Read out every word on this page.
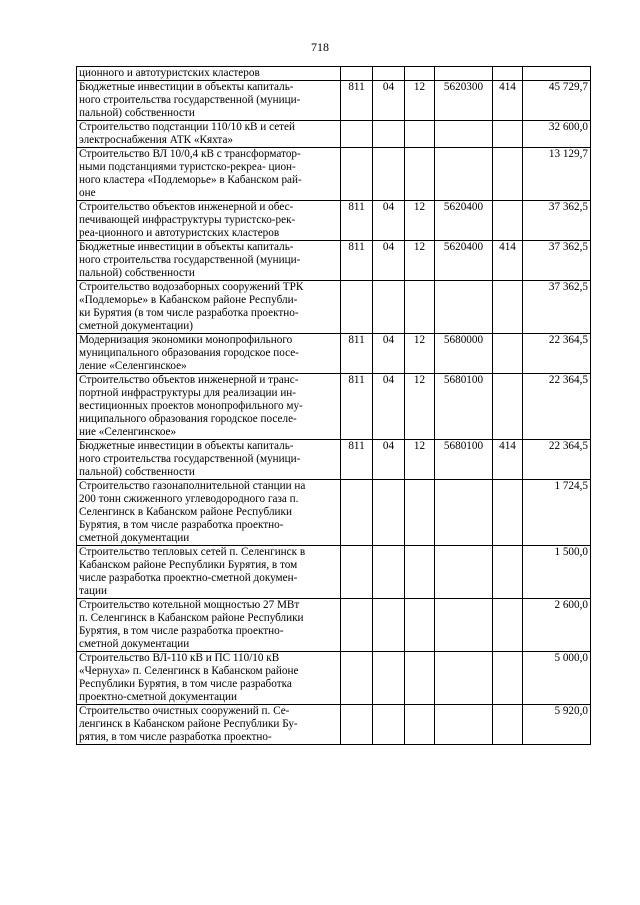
718
ционного и автотуристских кластеров						

Бюджетные инвестиции в объекты капиталь-
ного строительства государственной (муници-
пальной) собственности	811	04	12	5620300	414	45 729,7

Строительство подстанции 110/10 кВ и сетей
электроснабжения АТК «Кяхта»						32 600,0

Строительство ВЛ 10/0,4 кВ с трансформатор-
ными подстанциями туристско-рекреа- цион-
ного кластера «Подлеморье» в Кабанском рай-
оне						13 129,7

Строительство объектов инженерной и обес-
печивающей инфраструктуры туристско-рек-
реа-ционного и автотуристских кластеров	811	04	12	5620400		37 362,5

Бюджетные инвестиции в объекты капиталь-
ного строительства государственной (муници-
пальной) собственности	811	04	12	5620400	414	37 362,5

Строительство водозаборных сооружений ТРК
«Подлеморье» в Кабанском районе Республи-
ки Бурятия (в том числе разработка проектно-
сметной документации)						37 362,5

Модернизация экономики монопрофильного
муниципального образования городское посе-
ление «Селенгинское»	811	04	12	5680000		22 364,5

Строительство объектов инженерной и транс-
портной инфраструктуры для реализации ин-
вестиционных проектов монопрофильного му-
ниципального образования городское поселе-
ние «Селенгинское»	811	04	12	5680100		22 364,5

Бюджетные инвестиции в объекты капиталь-
ного строительства государственной (муници-
пальной) собственности	811	04	12	5680100	414	22 364,5

Строительство газонаполнительной станции на
200 тонн сжиженного углеводородного газа п.
Селенгинск в Кабанском районе Республики
Бурятия, в том числе разработка проектно-
сметной документации						1 724,5

Строительство тепловых сетей п. Селенгинск в
Кабанском районе Республики Бурятия, в том
числе разработка проектно-сметной докумен-
тации						1 500,0

Строительство котельной мощностью 27 МВт
п. Селенгинск в Кабанском районе Республики
Бурятия, в том числе разработка проектно-
сметной документации						2 600,0

Строительство ВЛ-110 кВ и ПС 110/10 кВ
«Чернуха» п. Селенгинск в Кабанском районе
Республики Бурятия, в том числе разработка
проектно-сметной документации						5 000,0

Строительство очистных сооружений п. Се-
ленгинск в Кабанском районе Республики Бу-
рятия, в том числе разработка проектно-						5 920,0
